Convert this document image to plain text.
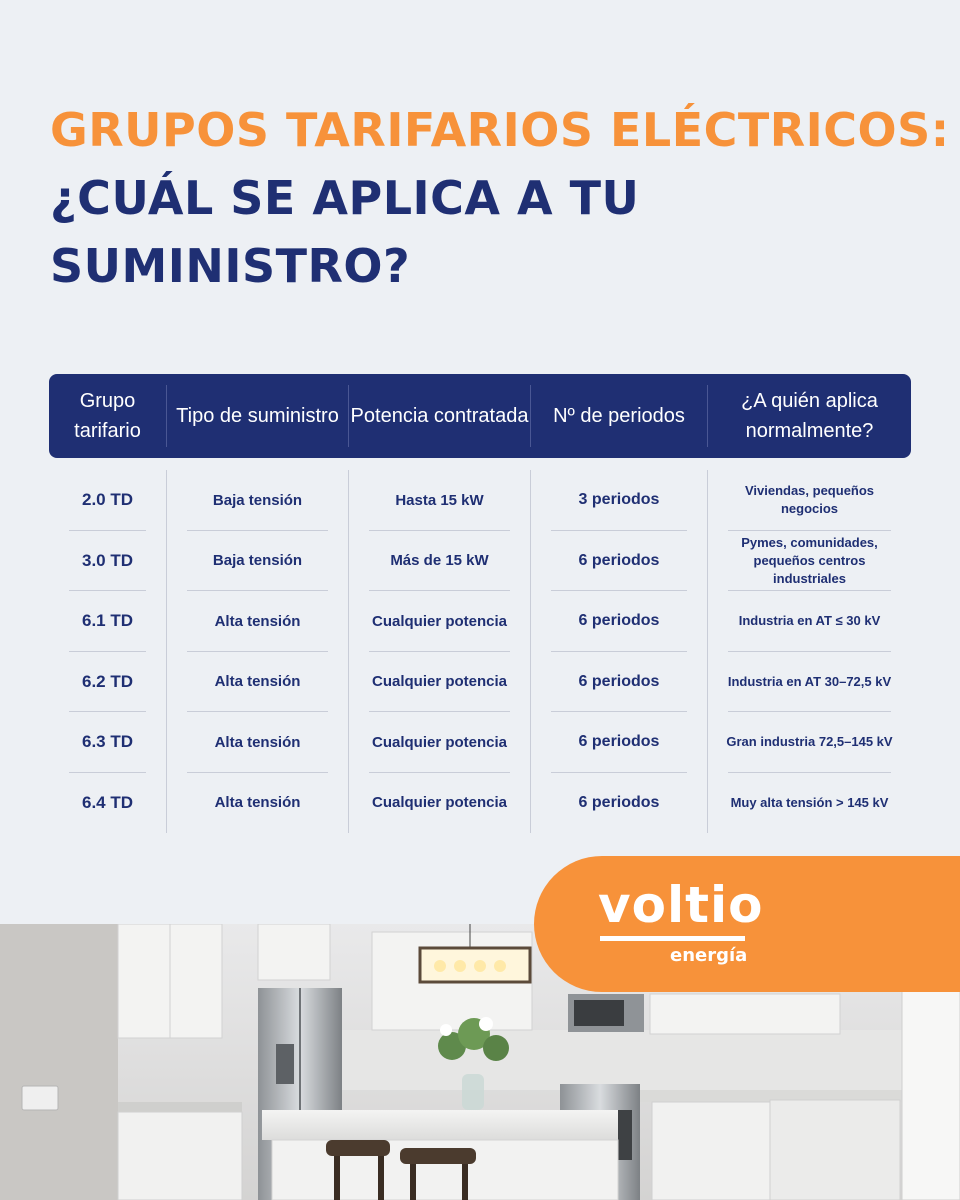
GRUPOS TARIFARIOS ELÉCTRICOS:
¿CUÁL SE APLICA A TU SUMINISTRO?
Grupo tarifario
Tipo de suministro Potencia contratada	Nº de periodos
¿A quién aplica normalmente?
2.0 TD
3.0 TD
6.1 TD
6.2 TD
6.3 TD
6.4 TD
Baja tensión
Baja tensión
Alta tensión
Alta tensión
Alta tensión
Alta tensión
Hasta 15 kW
Más de 15 kW
Cualquier potencia
Cualquier potencia
Cualquier potencia
Cualquier potencia
3 periodos
6 periodos
6 periodos
6 periodos
6 periodos
6 periodos
Viviendas, pequeños negocios
Pymes, comunidades, pequeños centros industriales
Industria en AT ≤ 30 kV
Industria en AT 30–72,5 kV
Gran industria 72,5–145 kV
Muy alta tensión > 145 kV
voltio
energía
